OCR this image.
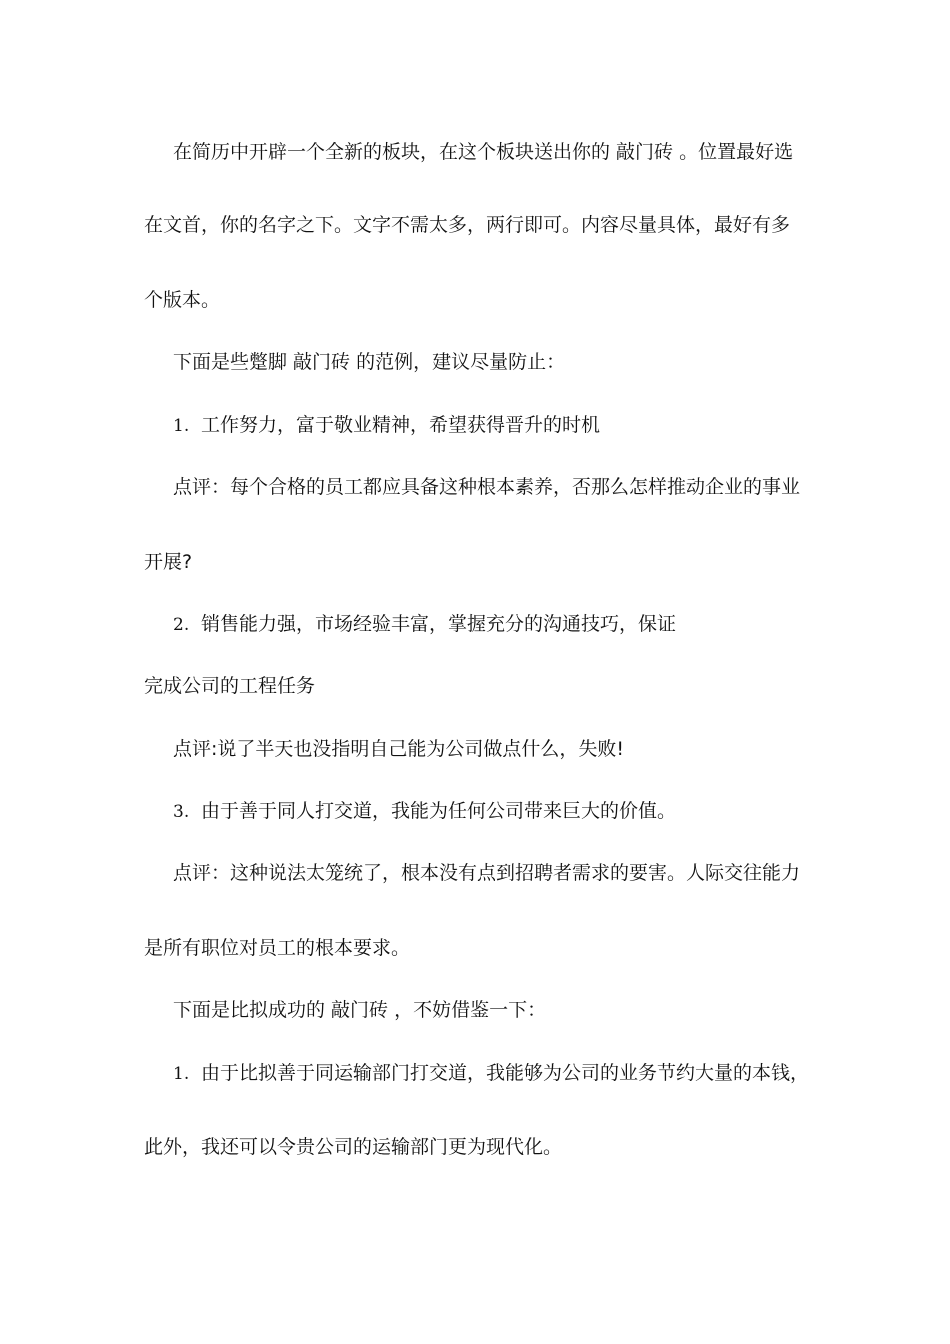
在简历中开辟一个全新的板块，在这个板块送出你的 敲门砖 。位置最好选
在文首，你的名字之下。文字不需太多，两行即可。内容尽量具体，最好有多
个版本。
下面是些蹩脚 敲门砖 的范例，建议尽量防止：
1. 工作努力，富于敬业精神，希望获得晋升的时机
点评：每个合格的员工都应具备这种根本素养，否那么怎样推动企业的事业
开展?
2. 销售能力强，市场经验丰富，掌握充分的沟通技巧，保证
完成公司的工程任务
点评:说了半天也没指明自己能为公司做点什么，失败!
3. 由于善于同人打交道，我能为任何公司带来巨大的价值。
点评：这种说法太笼统了，根本没有点到招聘者需求的要害。人际交往能力
是所有职位对员工的根本要求。
下面是比拟成功的 敲门砖 ，不妨借鉴一下：
1. 由于比拟善于同运输部门打交道，我能够为公司的业务节约大量的本钱，
此外，我还可以令贵公司的运输部门更为现代化。
